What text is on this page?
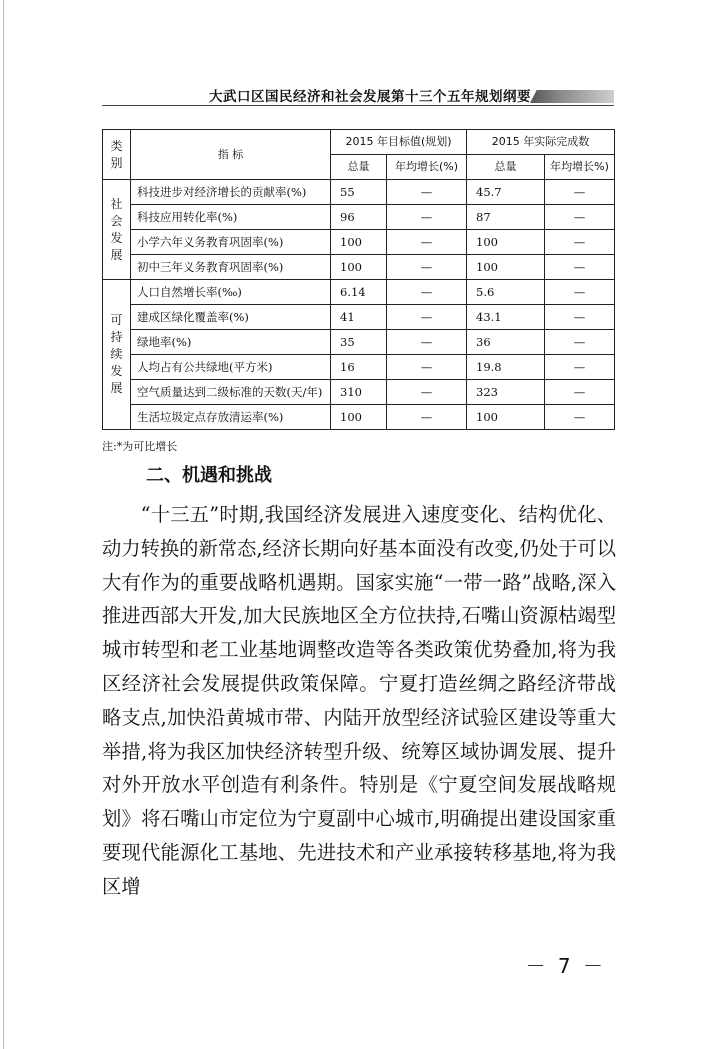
大武口区国民经济和社会发展第十三个五年规划纲要
类
别	指 标	2015 年目标值(规划)		2015 年实际完成数	
		总量	年均增长(%)	总量	年均增长%)

社
会
发
展	科技进步对经济增长的贡献率(%)	55	—	45.7	—
	科技应用转化率(%)	96	—	87	—
	小学六年义务教育巩固率(%)	100	—	100	—
	初中三年义务教育巩固率(%)	100	—	100	—

可
持
续
发
展	人口自然增长率(‰)	6.14	—	5.6	—
	建成区绿化覆盖率(%)	41	—	43.1	—
	绿地率(%)	35	—	36	—
	人均占有公共绿地(平方米)	16	—	19.8	—
	空气质量达到二级标准的天数(天/年)	310	—	323	—
	生活垃圾定点存放清运率(%)	100	—	100	—
注:*为可比增长
二、机遇和挑战

“十三五”时期,我国经济发展进入速度变化、结构优化、动力转换的新常态,经济长期向好基本面没有改变,仍处于可以大有作为的重要战略机遇期。国家实施“一带一路”战略,深入推进西部大开发,加大民族地区全方位扶持,石嘴山资源枯竭型城市转型和老工业基地调整改造等各类政策优势叠加,将为我区经济社会发展提供政策保障。宁夏打造丝绸之路经济带战略支点,加快沿黄城市带、内陆开放型经济试验区建设等重大举措,将为我区加快经济转型升级、统筹区域协调发展、提升对外开放水平创造有利条件。特别是《宁夏空间发展战略规划》将石嘴山市定位为宁夏副中心城市,明确提出建设国家重要现代能源化工基地、先进技术和产业承接转移基地,将为我区增

－ 7 －
